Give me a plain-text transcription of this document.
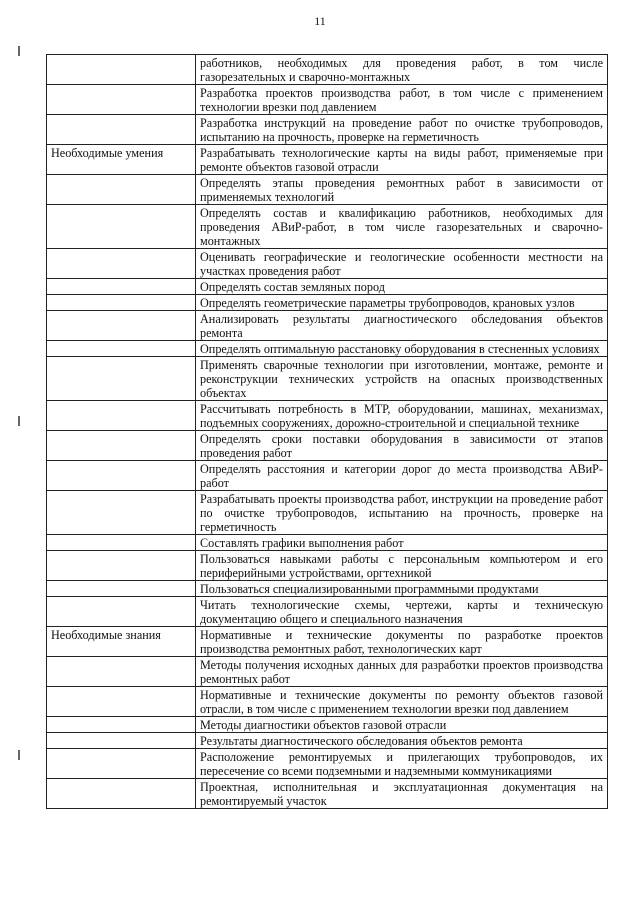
11
	работников, необходимых для проведения работ, в том числе газорезательных и сварочно-монтажных
	Разработка проектов производства работ, в том числе с применением технологии врезки под давлением
	Разработка инструкций на проведение работ по очистке трубопроводов, испытанию на прочность, проверке на герметичность
Необходимые умения	Разрабатывать технологические карты на виды работ, применяемые при ремонте объектов газовой отрасли
	Определять этапы проведения ремонтных работ в зависимости от применяемых технологий
	Определять состав и квалификацию работников, необходимых для проведения АВиР-работ, в том числе газорезательных и сварочно-монтажных
	Оценивать географические и геологические особенности местности на участках проведения работ
	Определять состав земляных пород
	Определять геометрические параметры трубопроводов, крановых узлов
	Анализировать результаты диагностического обследования объектов ремонта
	Определять оптимальную расстановку оборудования в стесненных условиях
	Применять сварочные технологии при изготовлении, монтаже, ремонте и реконструкции технических устройств на опасных производственных объектах
	Рассчитывать потребность в МТР, оборудовании, машинах, механизмах, подъемных сооружениях, дорожно-строительной и специальной технике
	Определять сроки поставки оборудования в зависимости от этапов проведения работ
	Определять расстояния и категории дорог до места производства АВиР-работ
	Разрабатывать проекты производства работ, инструкции на проведение работ по очистке трубопроводов, испытанию на прочность, проверке на герметичность
	Составлять графики выполнения работ
	Пользоваться навыками работы с персональным компьютером и его периферийными устройствами, оргтехникой
	Пользоваться специализированными программными продуктами
	Читать технологические схемы, чертежи, карты и техническую документацию общего и специального назначения
Необходимые знания	Нормативные и технические документы по разработке проектов производства ремонтных работ, технологических карт
	Методы получения исходных данных для разработки проектов производства ремонтных работ
	Нормативные и технические документы по ремонту объектов газовой отрасли, в том числе с применением технологии врезки под давлением
	Методы диагностики объектов газовой отрасли
	Результаты диагностического обследования объектов ремонта
	Расположение ремонтируемых и прилегающих трубопроводов, их пересечение со всеми подземными и надземными коммуникациями
	Проектная, исполнительная и эксплуатационная документация на ремонтируемый участок
